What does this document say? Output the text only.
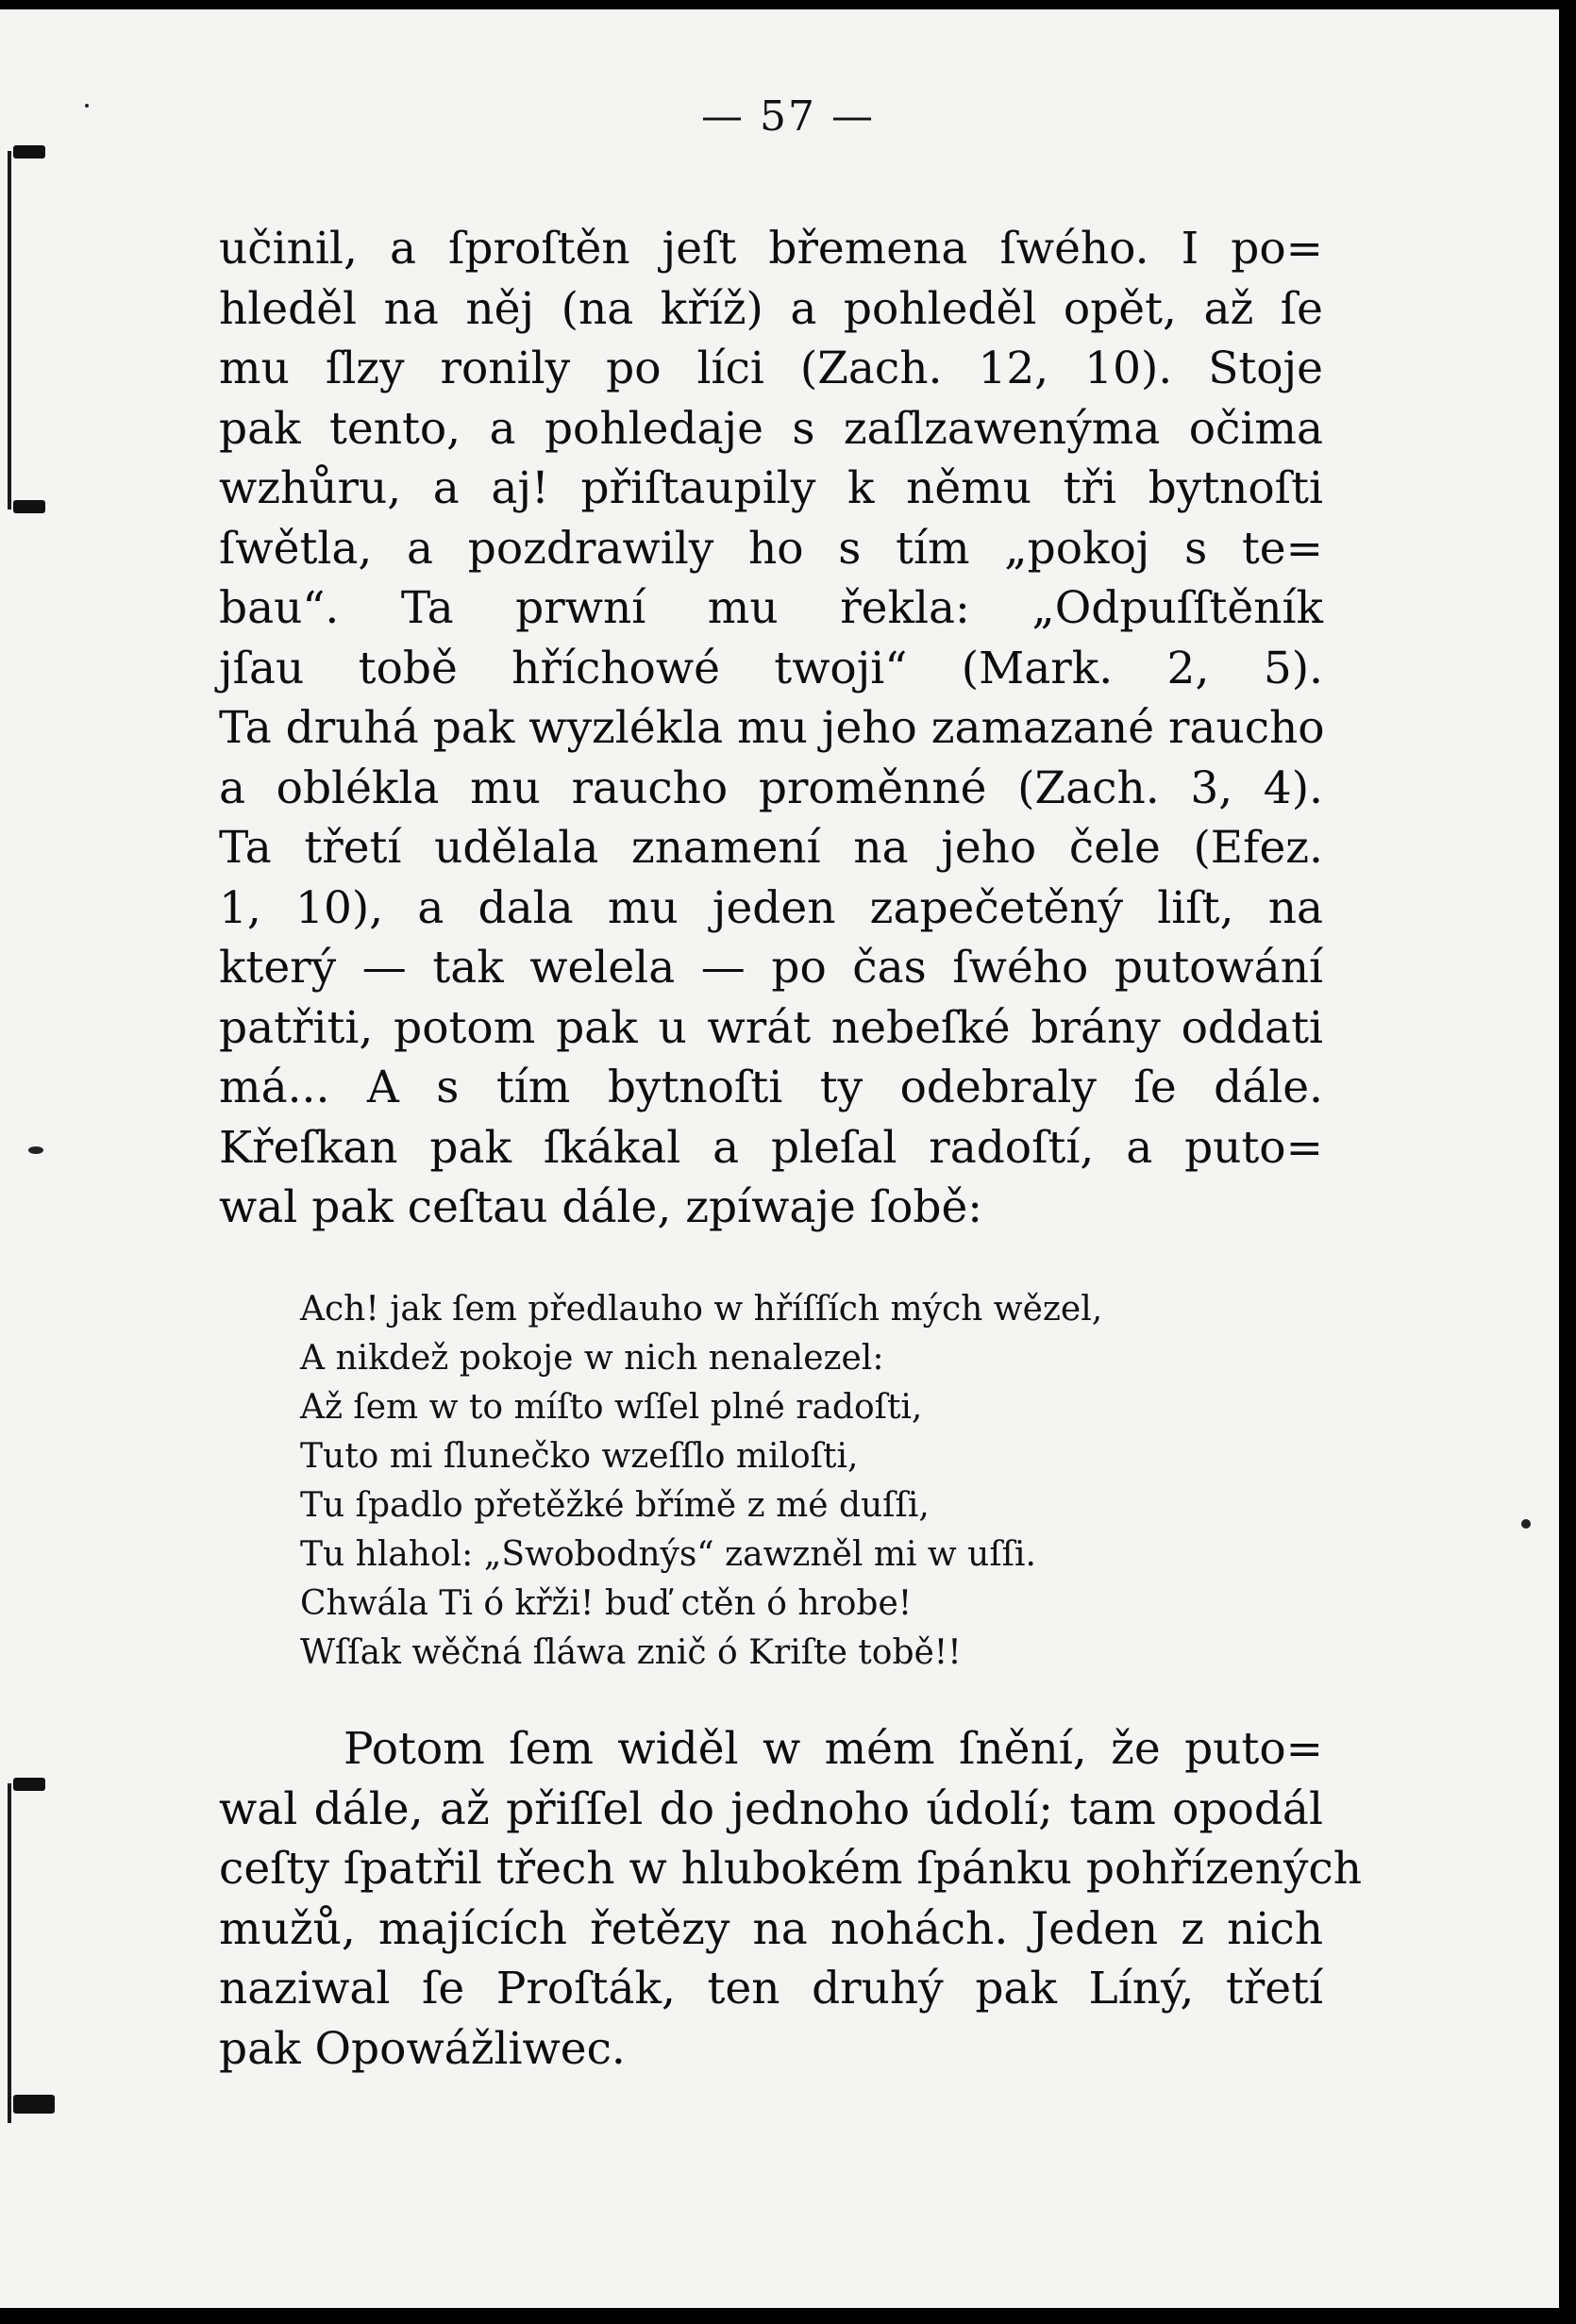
— 57 —
učinil, a ſproſtěn jeſt břemena ſwého. I po=
hleděl na něj (na kříž) a pohleděl opět, až ſe
mu ſlzy ronily po líci (Zach. 12, 10). Stoje
pak tento, a pohledaje s zaſlzawenýma očima
wzhůru, a aj! přiſtaupily k němu tři bytnoſti
ſwětla, a pozdrawily ho s tím „pokoj s te=
bau“. Ta prwní mu řekla: „Odpuſſtěník
jſau tobě hříchowé twoji“ (Mark. 2, 5).
Ta druhá pak wyzlékla mu jeho zamazané raucho
a oblékla mu raucho proměnné (Zach. 3, 4).
Ta třetí udělala znamení na jeho čele (Efez.
1, 10), a dala mu jeden zapečetěný liſt, na
který — tak welela — po čas ſwého putowání
patřiti, potom pak u wrát nebeſké brány oddati
má... A s tím bytnoſti ty odebraly ſe dále.
Křeſkan pak ſkákal a pleſal radoſtí, a puto=
wal pak ceſtau dále, zpíwaje ſobě:
Ach! jak ſem předlauho w hříſſích mých wězel,
A nikdež pokoje w nich nenalezel:
Až ſem w to míſto wſſel plné radoſti,
Tuto mi ſlunečko wzeſſlo miloſti,
Tu ſpadlo přetěžké břímě z mé duſſi,
Tu hlahol: „Swobodnýs“ zawzněl mi w uſſi.
Chwála Ti ó křži! buď ctěn ó hrobe!
Wſſak wěčná ſláwa znič ó Kriſte tobě!!
Potom ſem widěl w mém ſnění, že puto=
wal dále, až přiſſel do jednoho údolí; tam opodál
ceſty ſpatřil třech w hlubokém ſpánku pohřízených
mužů, majících řetězy na nohách. Jeden z nich
naziwal ſe Proſták, ten druhý pak Líný, třetí
pak Opowážliwec.
